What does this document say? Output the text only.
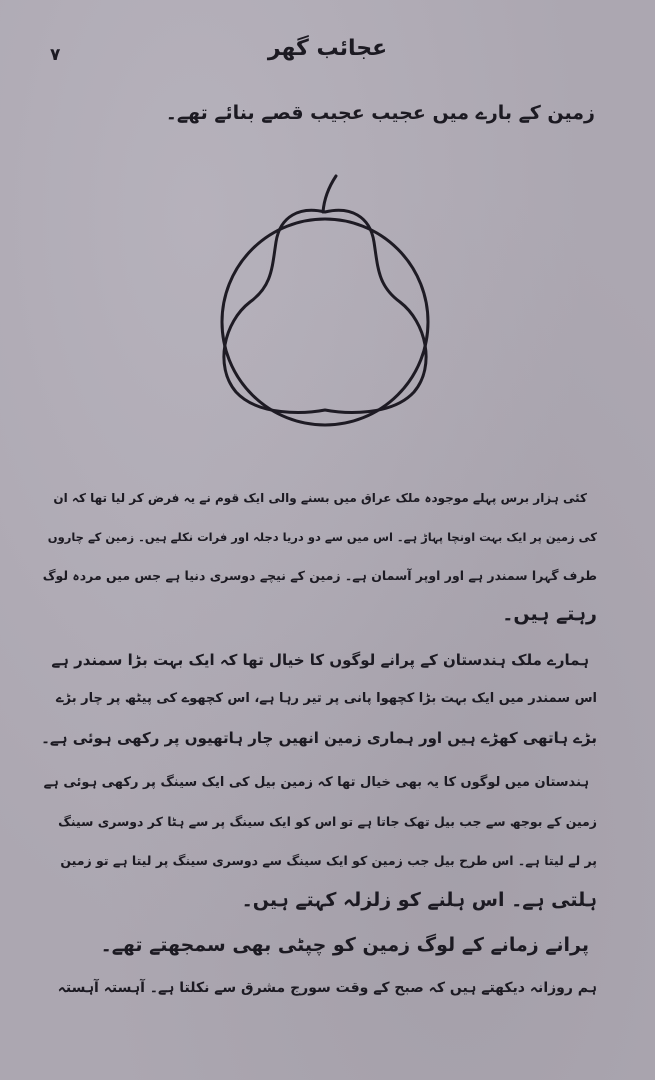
۷	عجائب گھر
زمین کے بارے میں عجیب عجیب قصے بنائے تھے۔
کئی ہزار برس پہلے موجودہ ملک عراق میں بسنے والی ایک قوم نے یہ فرض کر لیا تھا کہ ان
کی زمین پر ایک بہت اونچا پہاڑ ہے۔ اس میں سے دو دریا دجلہ اور فرات نکلے ہیں۔ زمین کے چاروں
طرف گہرا سمندر ہے اور اوپر آسمان ہے۔ زمین کے نیچے دوسری دنیا ہے جس میں مردہ لوگ
رہتے ہیں۔
ہمارے ملک ہندستان کے پرانے لوگوں کا خیال تھا کہ ایک بہت بڑا سمندر ہے
اس سمندر میں ایک بہت بڑا کچھوا پانی پر تیر رہا ہے، اس کچھوے کی پیٹھ پر چار بڑے
بڑے ہاتھی کھڑے ہیں اور ہماری زمین انھیں چار ہاتھیوں پر رکھی ہوئی ہے۔
ہندستان میں لوگوں کا یہ بھی خیال تھا کہ زمین بیل کی ایک سینگ پر رکھی ہوئی ہے
زمین کے بوجھ سے جب بیل تھک جاتا ہے تو اس کو ایک سینگ پر سے ہٹا کر دوسری سینگ
پر لے لیتا ہے۔ اس طرح بیل جب زمین کو ایک سینگ سے دوسری سینگ پر لیتا ہے تو زمین
ہلتی ہے۔ اس ہلنے کو زلزلہ کہتے ہیں۔
پرانے زمانے کے لوگ زمین کو چپٹی بھی سمجھتے تھے۔
ہم روزانہ دیکھتے ہیں کہ صبح کے وقت سورج مشرق سے نکلتا ہے۔ آہستہ آہستہ
